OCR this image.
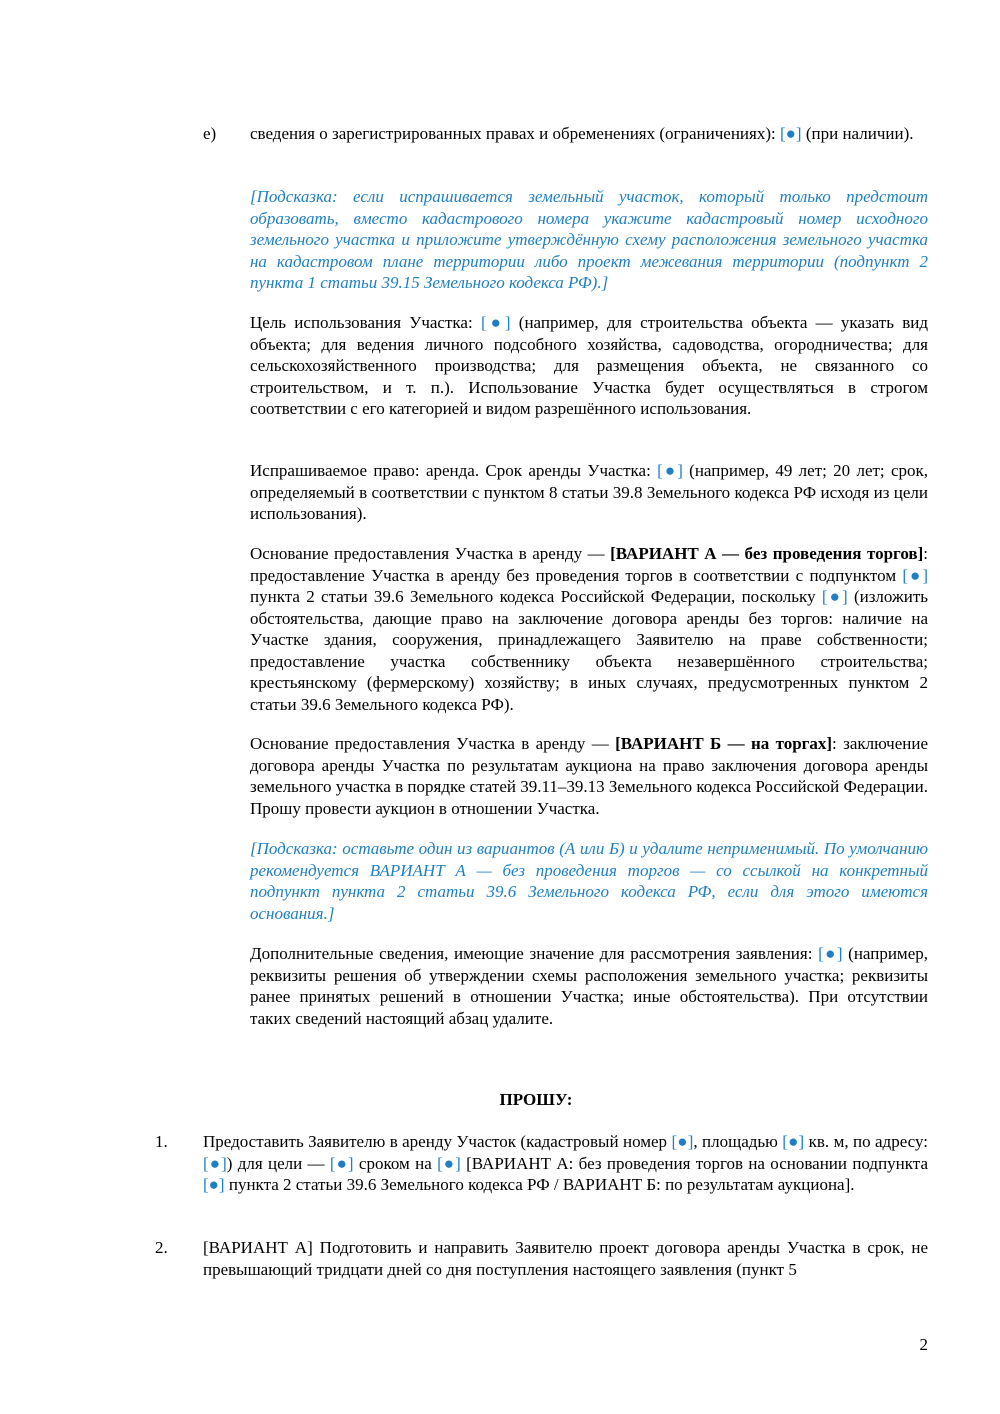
е) сведения о зарегистрированных правах и обременениях (ограничениях): [●] (при наличии).

[Подсказка: если испрашивается земельный участок, который только предстоит образовать, вместо кадастрового номера укажите кадастровый номер исходного земельного участка и приложите утверждённую схему расположения земельного участка на кадастровом плане территории либо проект межевания территории (подпункт 2 пункта 1 статьи 39.15 Земельного кодекса РФ).]

Цель использования Участка: [●] (например, для строительства объекта — указать вид объекта; для ведения личного подсобного хозяйства, садоводства, огородничества; для сельскохозяйственного производства; для размещения объекта, не связанного со строительством, и т. п.). Использование Участка будет осуществляться в строгом соответствии с его категорией и видом разрешённого использования.

Испрашиваемое право: аренда. Срок аренды Участка: [●] (например, 49 лет; 20 лет; срок, определяемый в соответствии с пунктом 8 статьи 39.8 Земельного кодекса РФ исходя из цели использования).

Основание предоставления Участка в аренду — [ВАРИАНТ А — без проведения торгов]: предоставление Участка в аренду без проведения торгов в соответствии с подпунктом [●] пункта 2 статьи 39.6 Земельного кодекса Российской Федерации, поскольку [●] (изложить обстоятельства, дающие право на заключение договора аренды без торгов: наличие на Участке здания, сооружения, принадлежащего Заявителю на праве собственности; предоставление участка собственнику объекта незавершённого строительства; крестьянскому (фермерскому) хозяйству; в иных случаях, предусмотренных пунктом 2 статьи 39.6 Земельного кодекса РФ).

Основание предоставления Участка в аренду — [ВАРИАНТ Б — на торгах]: заключение договора аренды Участка по результатам аукциона на право заключения договора аренды земельного участка в порядке статей 39.11–39.13 Земельного кодекса Российской Федерации. Прошу провести аукцион в отношении Участка.

[Подсказка: оставьте один из вариантов (А или Б) и удалите неприменимый. По умолчанию рекомендуется ВАРИАНТ А — без проведения торгов — со ссылкой на конкретный подпункт пункта 2 статьи 39.6 Земельного кодекса РФ, если для этого имеются основания.]

Дополнительные сведения, имеющие значение для рассмотрения заявления: [●] (например, реквизиты решения об утверждении схемы расположения земельного участка; реквизиты ранее принятых решений в отношении Участка; иные обстоятельства). При отсутствии таких сведений настоящий абзац удалите.

ПРОШУ:
1. Предоставить Заявителю в аренду Участок (кадастровый номер [●], площадью [●] кв. м, по адресу: [●]) для цели — [●] сроком на [●] [ВАРИАНТ А: без проведения торгов на основании подпункта [●] пункта 2 статьи 39.6 Земельного кодекса РФ / ВАРИАНТ Б: по результатам аукциона].

2. [ВАРИАНТ А] Подготовить и направить Заявителю проект договора аренды Участка в срок, не превышающий тридцати дней со дня поступления настоящего заявления (пункт 5

2
